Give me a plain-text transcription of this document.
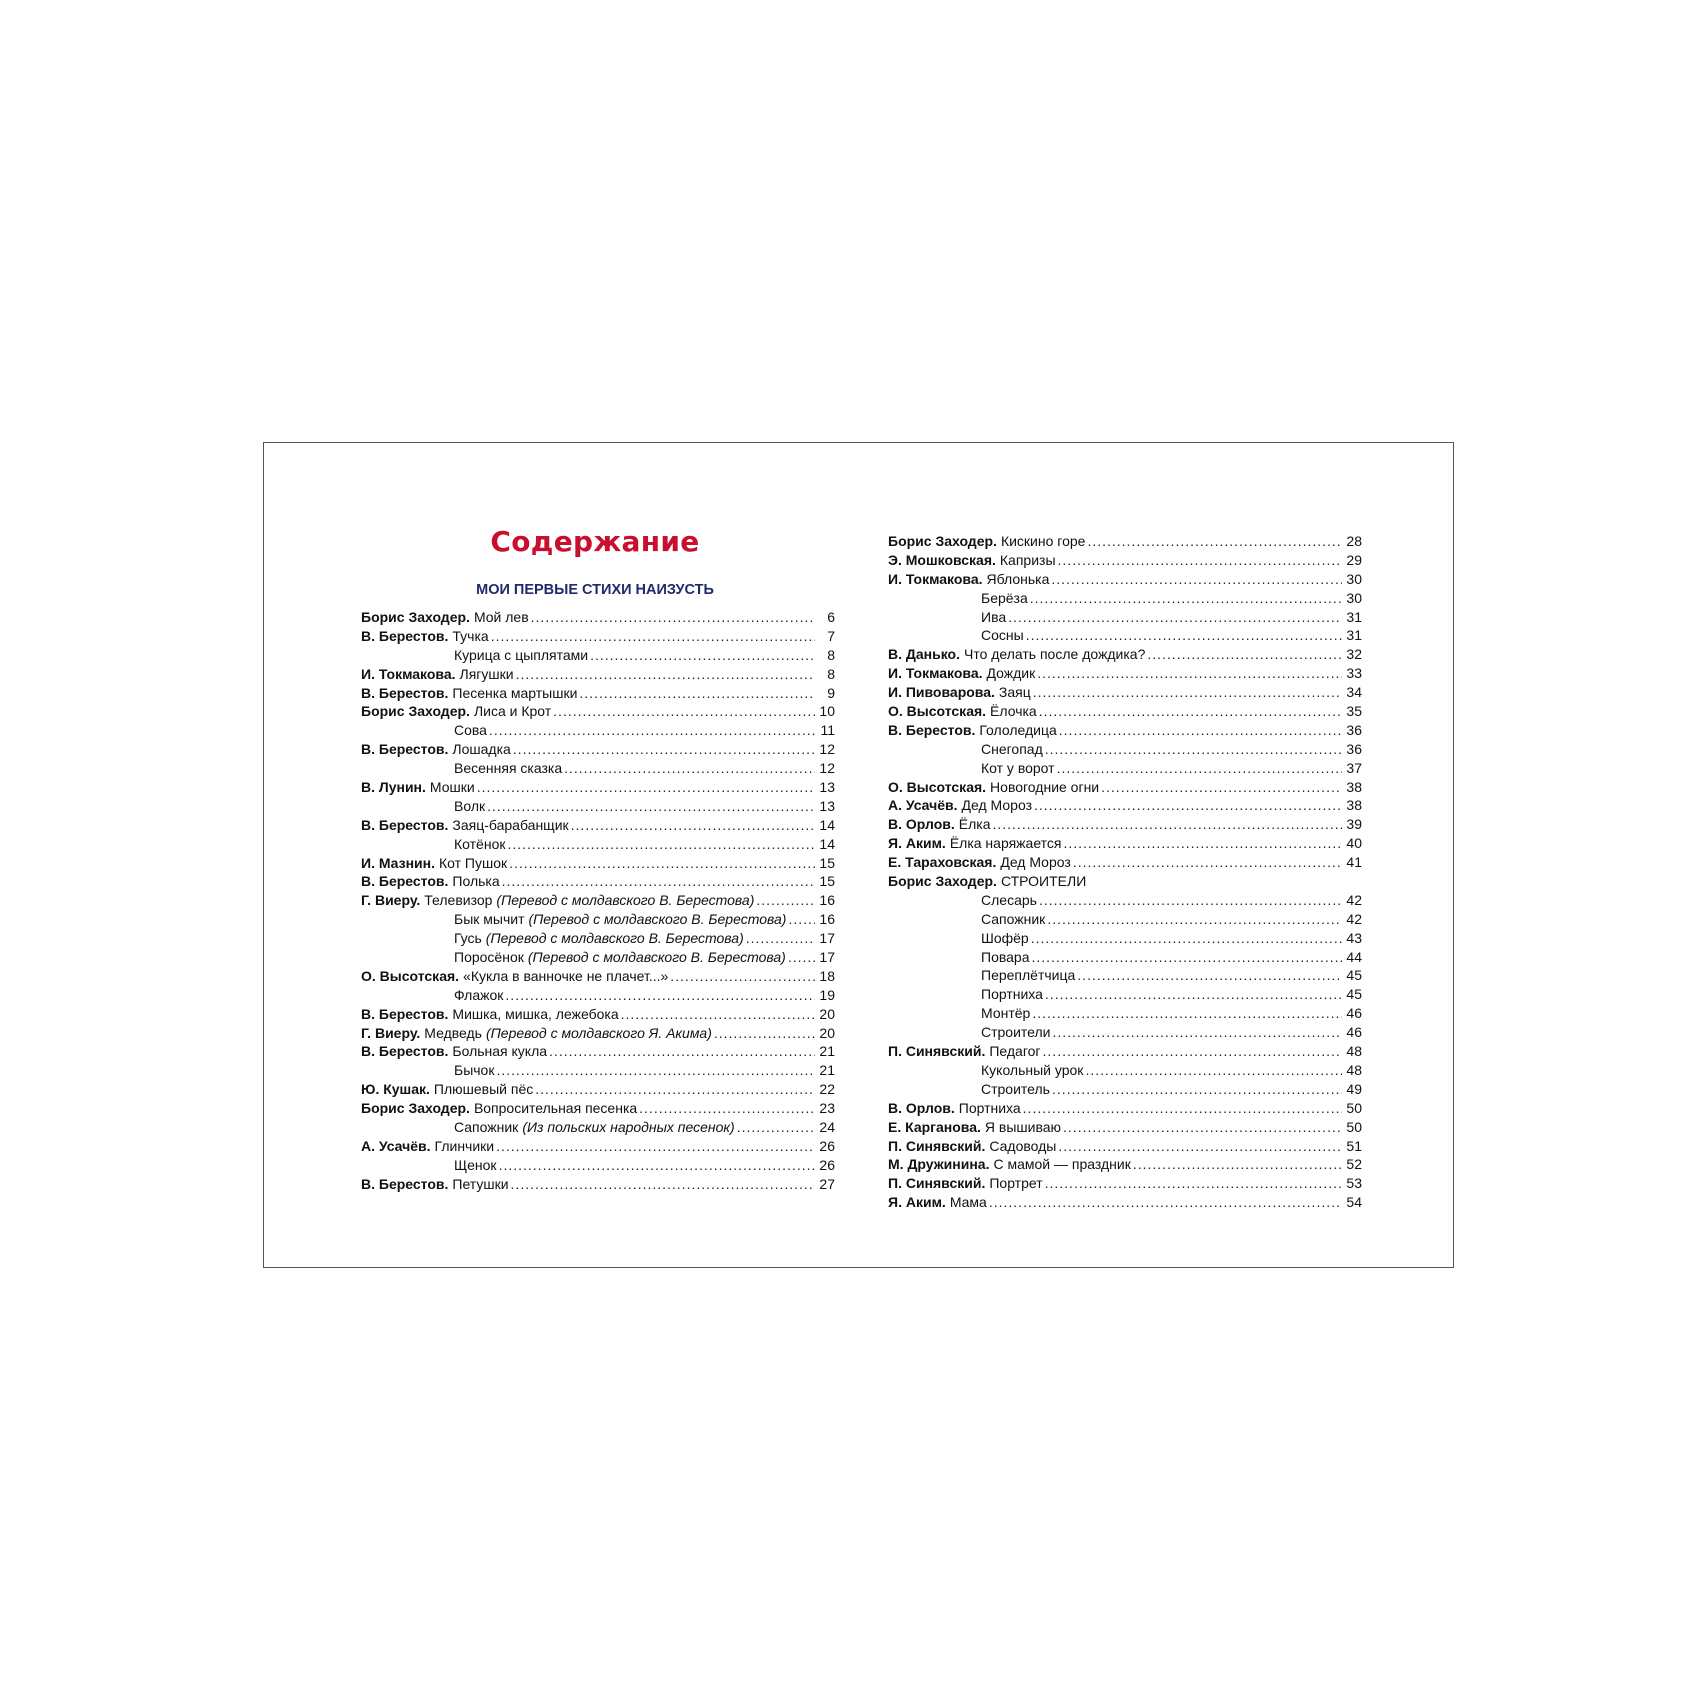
Содержание
МОИ ПЕРВЫЕ СТИХИ НАИЗУСТЬ
Борис Заходер. Мой лев .....	6
В. Берестов. Тучка .....	7
Курица с цыплятами .....	8
И. Токмакова. Лягушки .....	8
В. Берестов. Песенка мартышки .....	9
Борис Заходер. Лиса и Крот .....	10
Сова .....	11
В. Берестов. Лошадка .....	12
Весенняя сказка .....	12
В. Лунин. Мошки .....	13
Волк .....	13
В. Берестов. Заяц-барабанщик .....	14
Котёнок .....	14
И. Мазнин. Кот Пушок .....	15
В. Берестов. Полька .....	15
Г. Виеру. Телевизор (Перевод с молдавского В. Берестова) .....	16
Бык мычит (Перевод с молдавского В. Берестова) ..... 16
Гусь (Перевод с молдавского В. Берестова) .....	17
Поросёнок (Перевод с молдавского В. Берестова) ..... 17
О. Высотская. «Кукла в ванночке не плачет...» .....	18
Флажок .....	19
В. Берестов. Мишка, мишка, лежебока .....	20
Г. Виеру. Медведь (Перевод с молдавского Я. Акима) .....	20
В. Берестов. Больная кукла .....	21
Бычок .....	21
Ю. Кушак. Плюшевый пёс .....	22
Борис Заходер. Вопросительная песенка .....	23
Сапожник (Из польских народных песенок) .....	24
А. Усачёв. Глинчики .....	26
Щенок .....	26
В. Берестов. Петушки .....	27
Борис Заходер. Кискино горе .....	28
Э. Мошковская. Капризы .....	29
И. Токмакова. Яблонька .....	30
Берёза .....	30
Ива .....	31
Сосны .....	31
В. Данько. Что делать после дождика? .....	32
И. Токмакова. Дождик .....	33
И. Пивоварова. Заяц .....	34
О. Высотская. Ёлочка .....	35
В. Берестов. Гололедица .....	36
Снегопад .....	36
Кот у ворот .....	37
О. Высотская. Новогодние огни .....	38
А. Усачёв. Дед Мороз .....	38
В. Орлов. Ёлка .....	39
Я. Аким. Ёлка наряжается .....	40
Е. Тараховская. Дед Мороз .....	41
Борис Заходер. СТРОИТЕЛИ
Слесарь .....	42
Сапожник .....	42
Шофёр .....	43
Повара .....	44
Переплётчица .....	45
Портниха .....	45
Монтёр .....	46
Строители .....	46
П. Синявский. Педагог .....	48
Кукольный урок .....	48
Строитель .....	49
В. Орлов. Портниха .....	50
Е. Карганова. Я вышиваю .....	50
П. Синявский. Садоводы .....	51
М. Дружинина. С мамой — праздник .....	52
П. Синявский. Портрет .....	53
Я. Аким. Мама .....	54
